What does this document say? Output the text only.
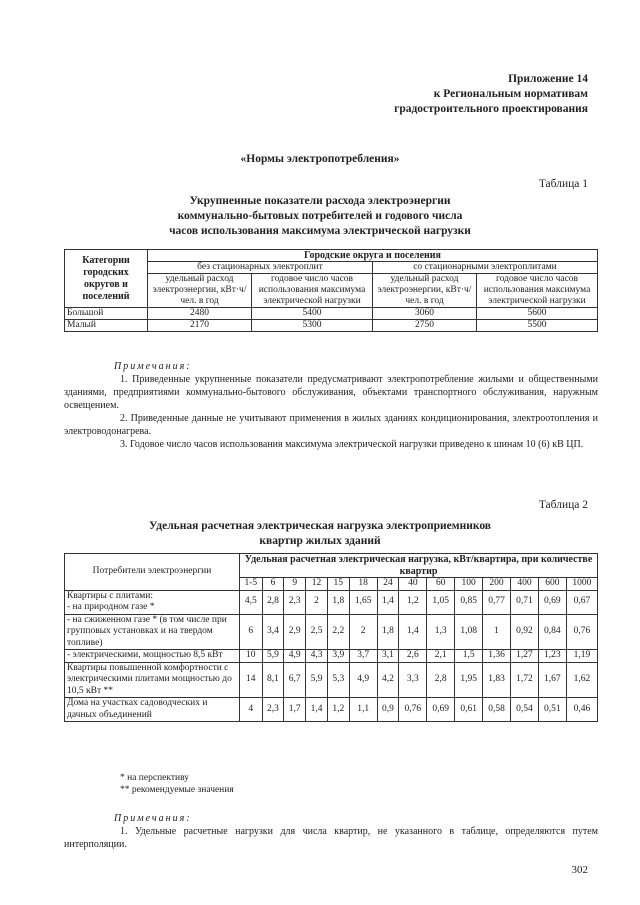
Приложение 14
к Региональным нормативам
градостроительного проектирования
«Нормы электропотребления»
Таблица 1
Укрупненные показатели расхода электроэнергии
коммунально-бытовых потребителей и годового числа
часов использования максимума электрической нагрузки
Категории городских округов и поселений	Городские округа и поселения			
	без стационарных электроплит		со стационарными электроплитами	
	удельный расход электроэнергии, кВт·ч/чел. в год	годовое число часов использования максимума электрической нагрузки	удельный расход электроэнергии, кВт·ч/чел. в год	годовое число часов использования максимума электрической нагрузки
Большой	2480	5400	3060	5600
Малый	2170	5300	2750	5500
Примечания:

1. Приведенные укрупненные показатели предусматривают электропотребление жилыми и общественными зданиями, предприятиями коммунально-бытового обслуживания, объектами транспортного обслуживания, наружным освещением.

2. Приведенные данные не учитывают применения в жилых зданиях кондиционирования, электроотопления и электроводонагрева.

3. Годовое число часов использования максимума электрической нагрузки приведено к шинам 10 (6) кВ ЦП.

Таблица 2
Удельная расчетная электрическая нагрузка электроприемников
квартир жилых зданий
Потребители электроэнергии	Удельная расчетная электрическая нагрузка, кВт/квартира, при количестве квартир													
	1-5	6	9	12	15	18	24	40	60	100	200	400	600	1000

Квартиры с плитами:
- на природном газе *	4,5	2,8	2,3	2	1,8	1,65	1,4	1,2	1,05	0,85	0,77	0,71	0,69	0,67
- на сжиженном газе * (в том числе при групповых установках и на твердом топливе)	6	3,4	2,9	2,5	2,2	2	1,8	1,4	1,3	1,08	1	0,92	0,84	0,76
- электрическими, мощностью 8,5 кВт	10	5,9	4,9	4,3	3,9	3,7	3,1	2,6	2,1	1,5	1,36	1,27	1,23	1,19
Квартиры повышенной комфортности с электрическими плитами мощностью до 10,5 кВт **	14	8,1	6,7	5,9	5,3	4,9	4,2	3,3	2,8	1,95	1,83	1,72	1,67	1,62
Дома на участках садоводческих и дачных объединений	4	2,3	1,7	1,4	1,2	1,1	0,9	0,76	0,69	0,61	0,58	0,54	0,51	0,46
* на перспективу
** рекомендуемые значения
Примечания:

1. Удельные расчетные нагрузки для числа квартир, не указанного в таблице, определяются путем интерполяции.

302
